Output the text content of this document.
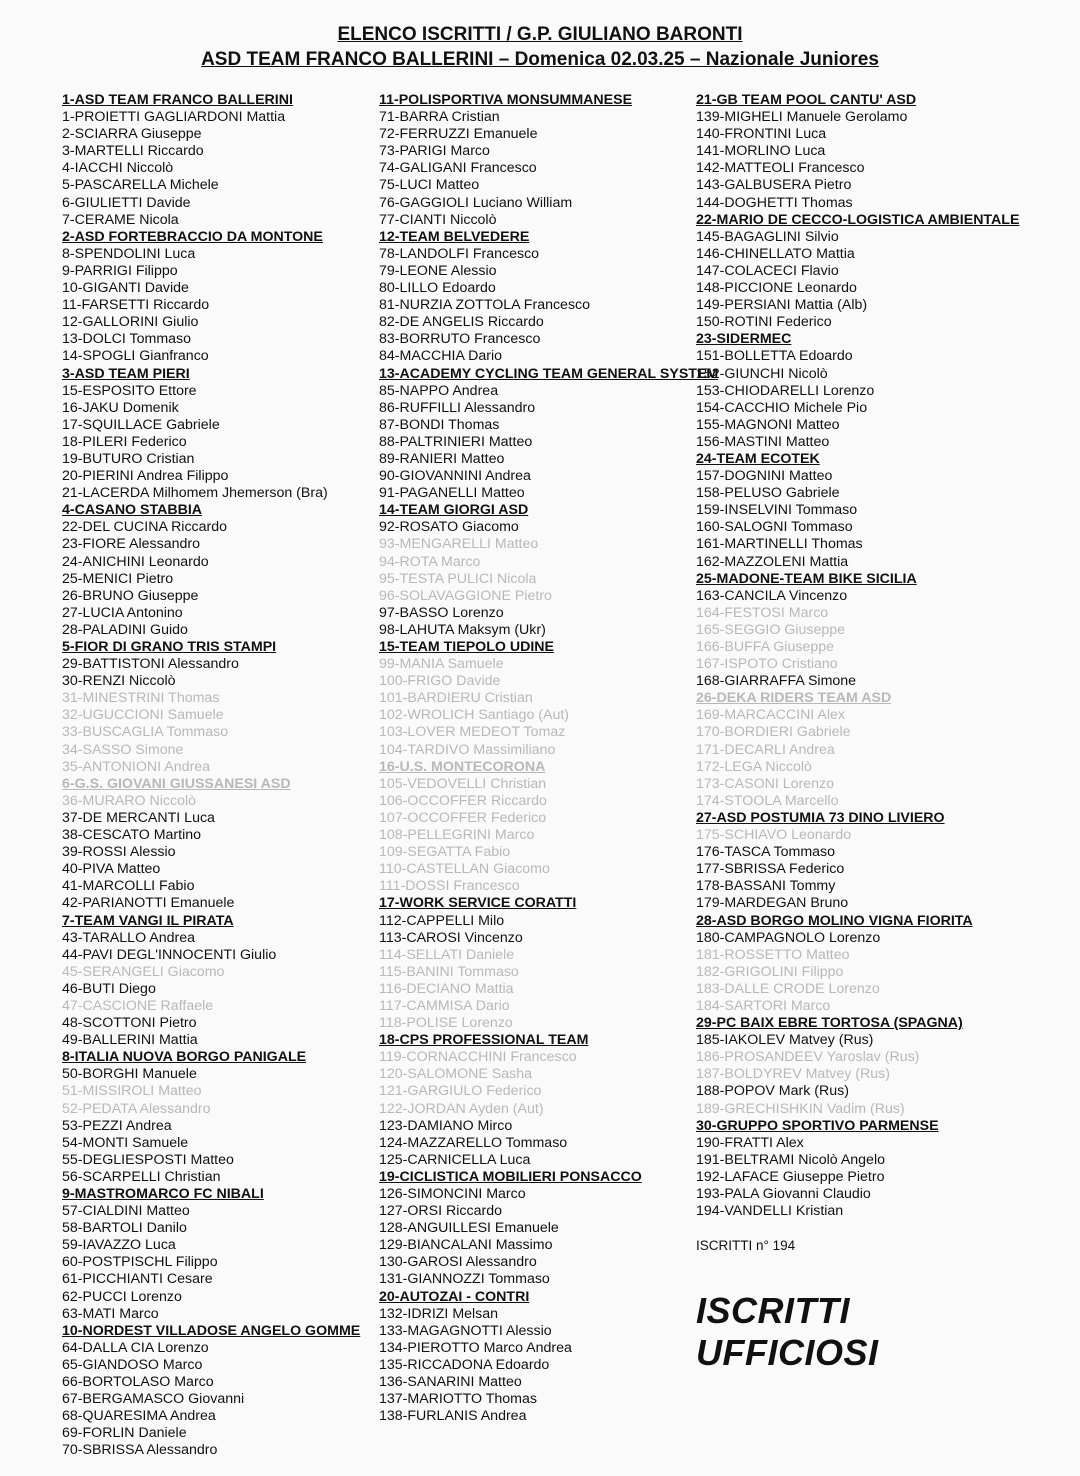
ELENCO ISCRITTI / G.P. GIULIANO BARONTI
ASD TEAM FRANCO BALLERINI – Domenica 02.03.25 – Nazionale Juniores
1-ASD TEAM FRANCO BALLERINI
1-PROIETTI GAGLIARDONI Mattia
2-SCIARRA Giuseppe
3-MARTELLI Riccardo
4-IACCHI Niccolò
5-PASCARELLA Michele
6-GIULIETTI Davide
7-CERAME Nicola
2-ASD FORTEBRACCIO DA MONTONE
8-SPENDOLINI Luca
9-PARRIGI Filippo
10-GIGANTI Davide
11-FARSETTI Riccardo
12-GALLORINI Giulio
13-DOLCI Tommaso
14-SPOGLI Gianfranco
3-ASD TEAM PIERI
15-ESPOSITO Ettore
16-JAKU Domenik
17-SQUILLACE Gabriele
18-PILERI Federico
19-BUTURO Cristian
20-PIERINI Andrea Filippo
21-LACERDA Milhomem Jhemerson (Bra)
4-CASANO STABBIA
22-DEL CUCINA Riccardo
23-FIORE Alessandro
24-ANICHINI Leonardo
25-MENICI Pietro
26-BRUNO Giuseppe
27-LUCIA Antonino
28-PALADINI Guido
5-FIOR DI GRANO TRIS STAMPI
29-BATTISTONI Alessandro
30-RENZI Niccolò
31-MINESTRINI Thomas
32-UGUCCIONI Samuele
33-BUSCAGLIA Tommaso
34-SASSO Simone
35-ANTONIONI Andrea
6-G.S. GIOVANI GIUSSANESI ASD
36-MURARO Niccolò
37-DE MERCANTI Luca
38-CESCATO Martino
39-ROSSI Alessio
40-PIVA Matteo
41-MARCOLLI Fabio
42-PARIANOTTI Emanuele
7-TEAM VANGI IL PIRATA
43-TARALLO Andrea
44-PAVI DEGL'INNOCENTI Giulio
45-SERANGELI Giacomo
46-BUTI Diego
47-CASCIONE Raffaele
48-SCOTTONI Pietro
49-BALLERINI Mattia
8-ITALIA NUOVA BORGO PANIGALE
50-BORGHI Manuele
51-MISSIROLI Matteo
52-PEDATA Alessandro
53-PEZZI Andrea
54-MONTI Samuele
55-DEGLIESPOSTI Matteo
56-SCARPELLI Christian
9-MASTROMARCO FC NIBALI
57-CIALDINI Matteo
58-BARTOLI Danilo
59-IAVAZZO Luca
60-POSTPISCHL Filippo
61-PICCHIANTI Cesare
62-PUCCI Lorenzo
63-MATI Marco
10-NORDEST VILLADOSE ANGELO GOMME
64-DALLA CIA Lorenzo
65-GIANDOSO Marco
66-BORTOLASO Marco
67-BERGAMASCO Giovanni
68-QUARESIMA Andrea
69-FORLIN Daniele
70-SBRISSA Alessandro
11-POLISPORTIVA MONSUMMANESE
71-BARRA Cristian
72-FERRUZZI Emanuele
73-PARIGI Marco
74-GALIGANI Francesco
75-LUCI Matteo
76-GAGGIOLI Luciano William
77-CIANTI Niccolò
12-TEAM BELVEDERE
78-LANDOLFI Francesco
79-LEONE Alessio
80-LILLO Edoardo
81-NURZIA ZOTTOLA Francesco
82-DE ANGELIS Riccardo
83-BORRUTO Francesco
84-MACCHIA Dario
13-ACADEMY CYCLING TEAM GENERAL SYSTEM
85-NAPPO Andrea
86-RUFFILLI Alessandro
87-BONDI Thomas
88-PALTRINIERI Matteo
89-RANIERI Matteo
90-GIOVANNINI Andrea
91-PAGANELLI Matteo
14-TEAM GIORGI ASD
92-ROSATO Giacomo
93-MENGARELLI Matteo
94-ROTA Marco
95-TESTA PULICI Nicola
96-SOLAVAGGIONE Pietro
97-BASSO Lorenzo
98-LAHUTA Maksym (Ukr)
15-TEAM TIEPOLO UDINE
99-MANIA Samuele
100-FRIGO Davide
101-BARDIERU Cristian
102-WROLICH Santiago (Aut)
103-LOVER MEDEOT Tomaz
104-TARDIVO Massimiliano
16-U.S. MONTECORONA
105-VEDOVELLI Christian
106-OCCOFFER Riccardo
107-OCCOFFER Federico
108-PELLEGRINI Marco
109-SEGATTA Fabio
110-CASTELLAN Giacomo
111-DOSSI Francesco
17-WORK SERVICE CORATTI
112-CAPPELLI Milo
113-CAROSI Vincenzo
114-SELLATI Daniele
115-BANINI Tommaso
116-DECIANO Mattia
117-CAMMISA Dario
118-POLISE Lorenzo
18-CPS PROFESSIONAL TEAM
119-CORNACCHINI Francesco
120-SALOMONE Sasha
121-GARGIULO Federico
122-JORDAN Ayden (Aut)
123-DAMIANO Mirco
124-MAZZARELLO Tommaso
125-CARNICELLA Luca
19-CICLISTICA MOBILIERI PONSACCO
126-SIMONCINI Marco
127-ORSI Riccardo
128-ANGUILLESI Emanuele
129-BIANCALANI Massimo
130-GAROSI Alessandro
131-GIANNOZZI Tommaso
20-AUTOZAI - CONTRI
132-IDRIZI Melsan
133-MAGAGNOTTI Alessio
134-PIEROTTO Marco Andrea
135-RICCADONA Edoardo
136-SANARINI Matteo
137-MARIOTTO Thomas
138-FURLANIS Andrea
21-GB TEAM POOL CANTU' ASD
139-MIGHELI Manuele Gerolamo
140-FRONTINI Luca
141-MORLINO Luca
142-MATTEOLI Francesco
143-GALBUSERA Pietro
144-DOGHETTI Thomas
22-MARIO DE CECCO-LOGISTICA AMBIENTALE
145-BAGAGLINI Silvio
146-CHINELLATO Mattia
147-COLACECI Flavio
148-PICCIONE Leonardo
149-PERSIANI Mattia (Alb)
150-ROTINI Federico
23-SIDERMEC
151-BOLLETTA Edoardo
152-GIUNCHI Nicolò
153-CHIODARELLI Lorenzo
154-CACCHIO Michele Pio
155-MAGNONI Matteo
156-MASTINI Matteo
24-TEAM ECOTEK
157-DOGNINI Matteo
158-PELUSO Gabriele
159-INSELVINI Tommaso
160-SALOGNI Tommaso
161-MARTINELLI Thomas
162-MAZZOLENI Mattia
25-MADONE-TEAM BIKE SICILIA
163-CANCILA Vincenzo
164-FESTOSI Marco
165-SEGGIO Giuseppe
166-BUFFA Giuseppe
167-ISPOTO Cristiano
168-GIARRAFFA Simone
26-DEKA RIDERS TEAM ASD
169-MARCACCINI Alex
170-BORDIERI Gabriele
171-DECARLI Andrea
172-LEGA Niccolò
173-CASONI Lorenzo
174-STOOLA Marcello
27-ASD POSTUMIA 73 DINO LIVIERO
175-SCHIAVO Leonardo
176-TASCA Tommaso
177-SBRISSA Federico
178-BASSANI Tommy
179-MARDEGAN Bruno
28-ASD BORGO MOLINO VIGNA FIORITA
180-CAMPAGNOLO Lorenzo
181-ROSSETTO Matteo
182-GRIGOLINI Filippo
183-DALLE CRODE Lorenzo
184-SARTORI Marco
29-PC BAIX EBRE TORTOSA (SPAGNA)
185-IAKOLEV Matvey (Rus)
186-PROSANDEEV Yaroslav (Rus)
187-BOLDYREV Matvey (Rus)
188-POPOV Mark (Rus)
189-GRECHISHKIN Vadim (Rus)
30-GRUPPO SPORTIVO PARMENSE
190-FRATTI Alex
191-BELTRAMI Nicolò Angelo
192-LAFACE Giuseppe Pietro
193-PALA Giovanni Claudio
194-VANDELLI Kristian
ISCRITTI n° 194
ISCRITTI
UFFICIOSI
